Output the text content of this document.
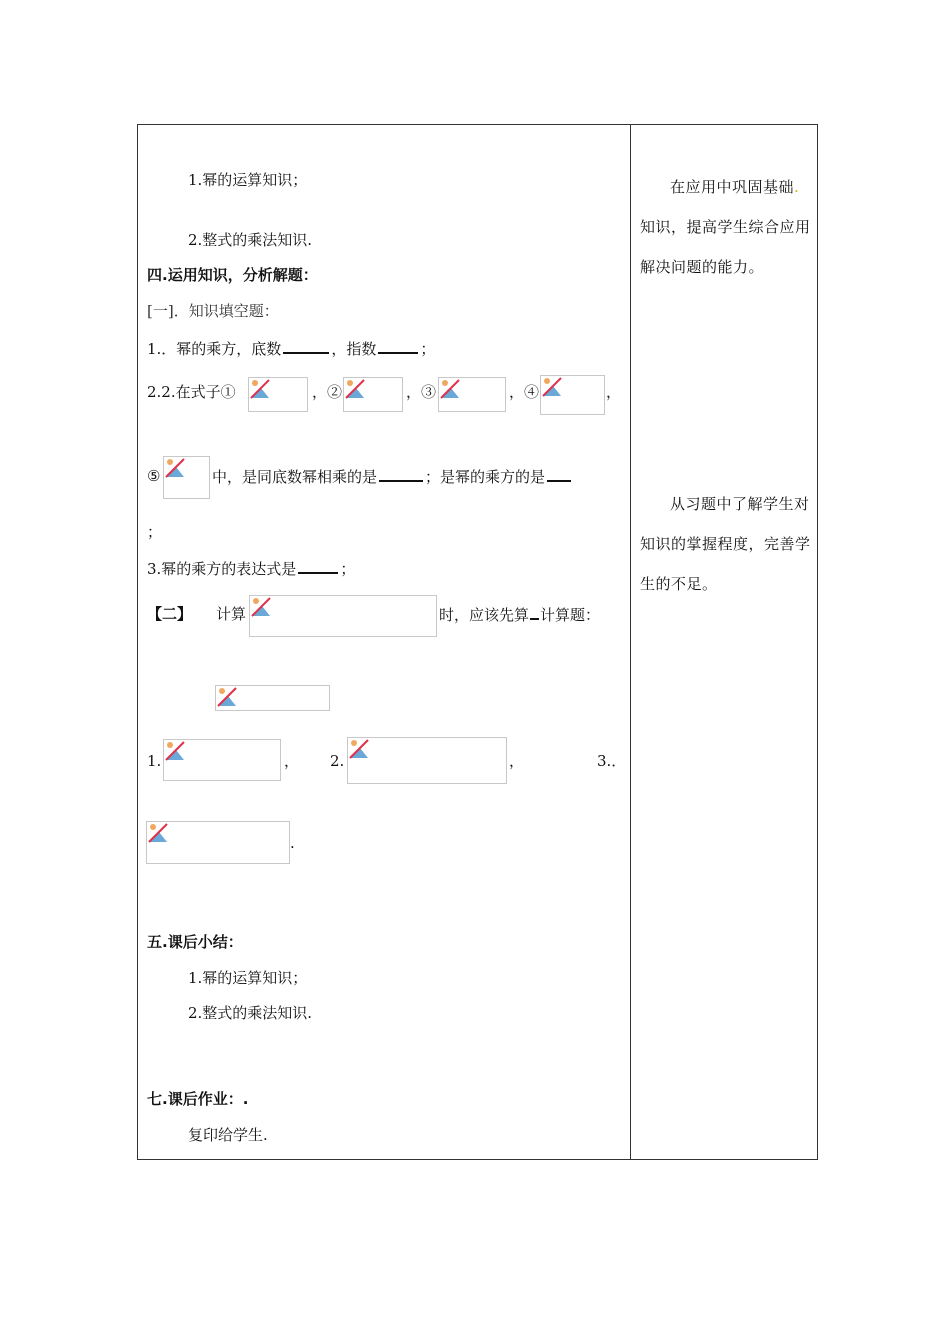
1.幂的运算知识；
2.整式的乘法知识.
四.运用知识，分析解题：
[一]．知识填空题：
1.．幂的乘方，底数	，指数	；
2.2.在式子①	，②	，③	，④	，
⑤	中，是同底数幂相乘的是	；是幂的乘方的是
；
3.幂的乘方的表达式是	；
【二】 计算	时，应该先算 计算题：
1.	， 2.	，	3.．
.
五.课后小结：
1.幂的运算知识；
2.整式的乘法知识.
七.课后作业：.
复印给学生.

在应用中巩固基础.知识，提高学生综合应用解决问题的能力。

从习题中了解学生对知识的掌握程度，完善学生的不足。
